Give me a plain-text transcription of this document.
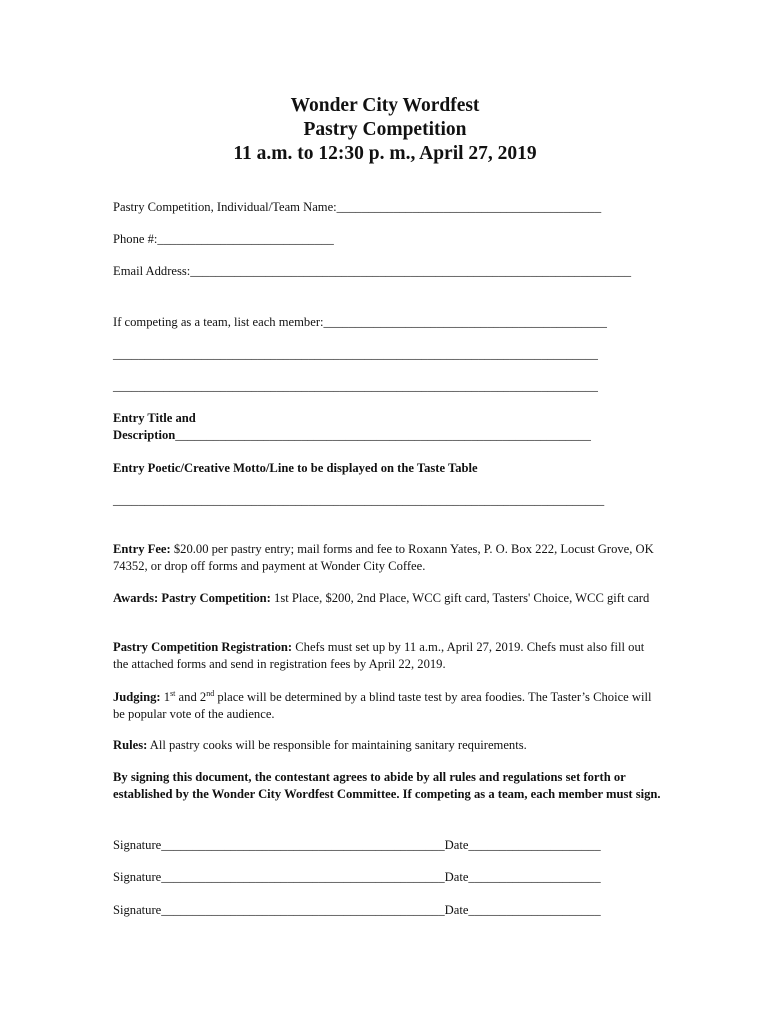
Wonder City Wordfest
Pastry Competition
11 a.m. to 12:30 p. m., April 27, 2019
Pastry Competition, Individual/Team Name:__________________________________________
Phone #:____________________________
Email Address:______________________________________________________________________
If competing as a team, list each member:_____________________________________________
_____________________________________________________________________________
_____________________________________________________________________________
Entry Title and
Description__________________________________________________________________
Entry Poetic/Creative Motto/Line to be displayed on the Taste Table
______________________________________________________________________________
Entry Fee: $20.00 per pastry entry; mail forms and fee to Roxann Yates, P. O. Box 222, Locust Grove, OK 74352, or drop off forms and payment at Wonder City Coffee.
Awards: Pastry Competition: 1st Place, $200, 2nd Place, WCC gift card, Tasters' Choice, WCC gift card
Pastry Competition Registration: Chefs must set up by 11 a.m., April 27, 2019. Chefs must also fill out the attached forms and send in registration fees by April 22, 2019.
Judging: 1st and 2nd place will be determined by a blind taste test by area foodies. The Taster’s Choice will be popular vote of the audience.
Rules: All pastry cooks will be responsible for maintaining sanitary requirements.
By signing this document, the contestant agrees to abide by all rules and regulations set forth or established by the Wonder City Wordfest Committee. If competing as a team, each member must sign.
Signature_____________________________________________Date_____________________
Signature_____________________________________________Date_____________________
Signature_____________________________________________Date_____________________
